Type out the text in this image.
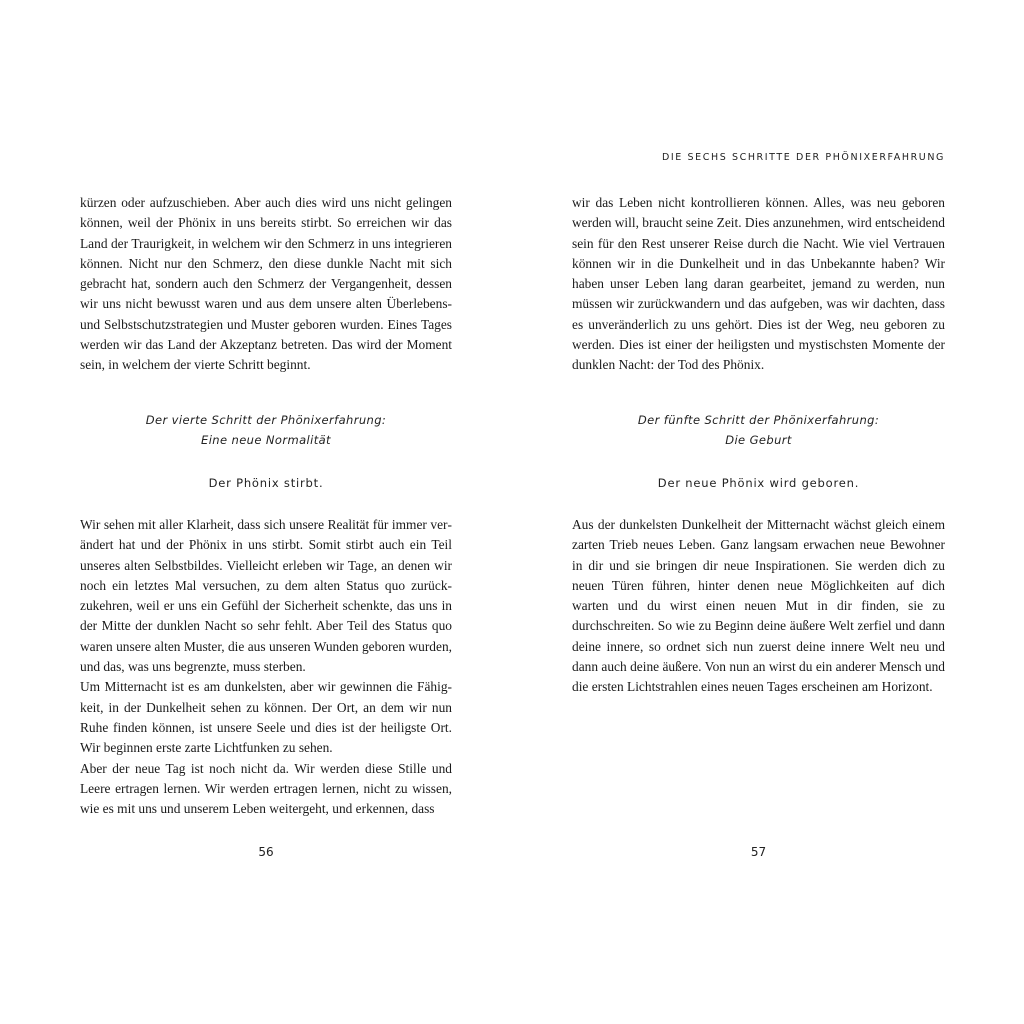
kürzen oder aufzuschieben. Aber auch dies wird uns nicht gelingen können, weil der Phönix in uns bereits stirbt. So erreichen wir das Land der Traurigkeit, in welchem wir den Schmerz in uns integrieren können. Nicht nur den Schmerz, den diese dunkle Nacht mit sich gebracht hat, sondern auch den Schmerz der Vergangenheit, dessen wir uns nicht bewusst waren und aus dem unsere alten Überlebens- und Selbstschutzstrategien und Muster geboren wurden. Eines Tages werden wir das Land der Akzeptanz betreten. Das wird der Moment sein, in welchem der vierte Schritt beginnt.

Der vierte Schritt der Phönixerfahrung:
Eine neue Normalität
Der Phönix stirbt.

Wir sehen mit aller Klarheit, dass sich unsere Realität für immer verändert hat und der Phönix in uns stirbt. Somit stirbt auch ein Teil unseres alten Selbstbildes. Vielleicht erleben wir Tage, an denen wir noch ein letztes Mal versuchen, zu dem alten Status quo zurückzukehren, weil er uns ein Gefühl der Sicherheit schenkte, das uns in der Mitte der dunklen Nacht so sehr fehlt. Aber Teil des Status quo waren unsere alten Muster, die aus unseren Wunden geboren wurden, und das, was uns begrenzte, muss sterben.

Um Mitternacht ist es am dunkelsten, aber wir gewinnen die Fähigkeit, in der Dunkelheit sehen zu können. Der Ort, an dem wir nun Ruhe finden können, ist unsere Seele und dies ist der heiligste Ort. Wir beginnen erste zarte Lichtfunken zu sehen.

Aber der neue Tag ist noch nicht da. Wir werden diese Stille und Leere ertragen lernen. Wir werden ertragen lernen, nicht zu wissen, wie es mit uns und unserem Leben weitergeht, und erkennen, dass

56
DIE SECHS SCHRITTE DER PHÖNIXERFAHRUNG

wir das Leben nicht kontrollieren können. Alles, was neu geboren werden will, braucht seine Zeit. Dies anzunehmen, wird entscheidend sein für den Rest unserer Reise durch die Nacht. Wie viel Vertrauen können wir in die Dunkelheit und in das Unbekannte haben? Wir haben unser Leben lang daran gearbeitet, jemand zu werden, nun müssen wir zurückwandern und das aufgeben, was wir dachten, dass es unveränderlich zu uns gehört. Dies ist der Weg, neu geboren zu werden. Dies ist einer der heiligsten und mystischsten Momente der dunklen Nacht: der Tod des Phönix.

Der fünfte Schritt der Phönixerfahrung:
Die Geburt
Der neue Phönix wird geboren.

Aus der dunkelsten Dunkelheit der Mitternacht wächst gleich einem zarten Trieb neues Leben. Ganz langsam erwachen neue Bewohner in dir und sie bringen dir neue Inspirationen. Sie werden dich zu neuen Türen führen, hinter denen neue Möglichkeiten auf dich warten und du wirst einen neuen Mut in dir finden, sie zu durchschreiten. So wie zu Beginn deine äußere Welt zerfiel und dann deine innere, so ordnet sich nun zuerst deine innere Welt neu und dann auch deine äußere. Von nun an wirst du ein anderer Mensch und die ersten Lichtstrahlen eines neuen Tages erscheinen am Horizont.

57
